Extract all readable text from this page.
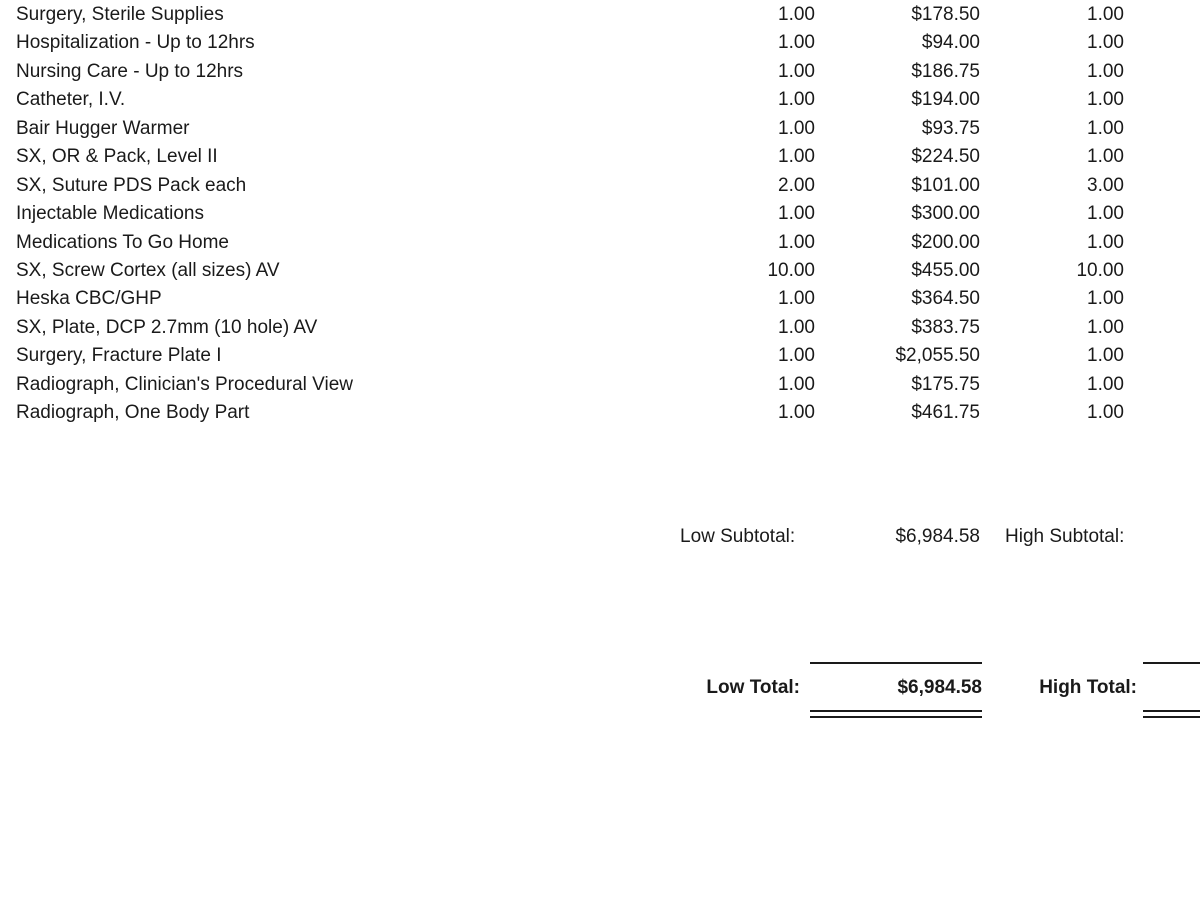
Surgery, Sterile Supplies	1.00	$178.50	1.00
Hospitalization - Up to 12hrs	1.00	$94.00	1.00
Nursing Care - Up to 12hrs	1.00	$186.75	1.00
Catheter, I.V.	1.00	$194.00	1.00
Bair Hugger Warmer	1.00	$93.75	1.00
SX, OR & Pack, Level II	1.00	$224.50	1.00
SX, Suture PDS Pack each	2.00	$101.00	3.00
Injectable Medications	1.00	$300.00	1.00
Medications To Go Home	1.00	$200.00	1.00
SX, Screw Cortex (all sizes) AV	10.00	$455.00	10.00
Heska CBC/GHP	1.00	$364.50	1.00
SX, Plate, DCP 2.7mm (10 hole) AV	1.00	$383.75	1.00
Surgery, Fracture Plate I	1.00	$2,055.50	1.00
Radiograph, Clinician's Procedural View	1.00	$175.75	1.00
Radiograph, One Body Part	1.00	$461.75	1.00
Low Subtotal:	$6,984.58 High Subtotal:
Low Total:	$6,984.58	High Total:
